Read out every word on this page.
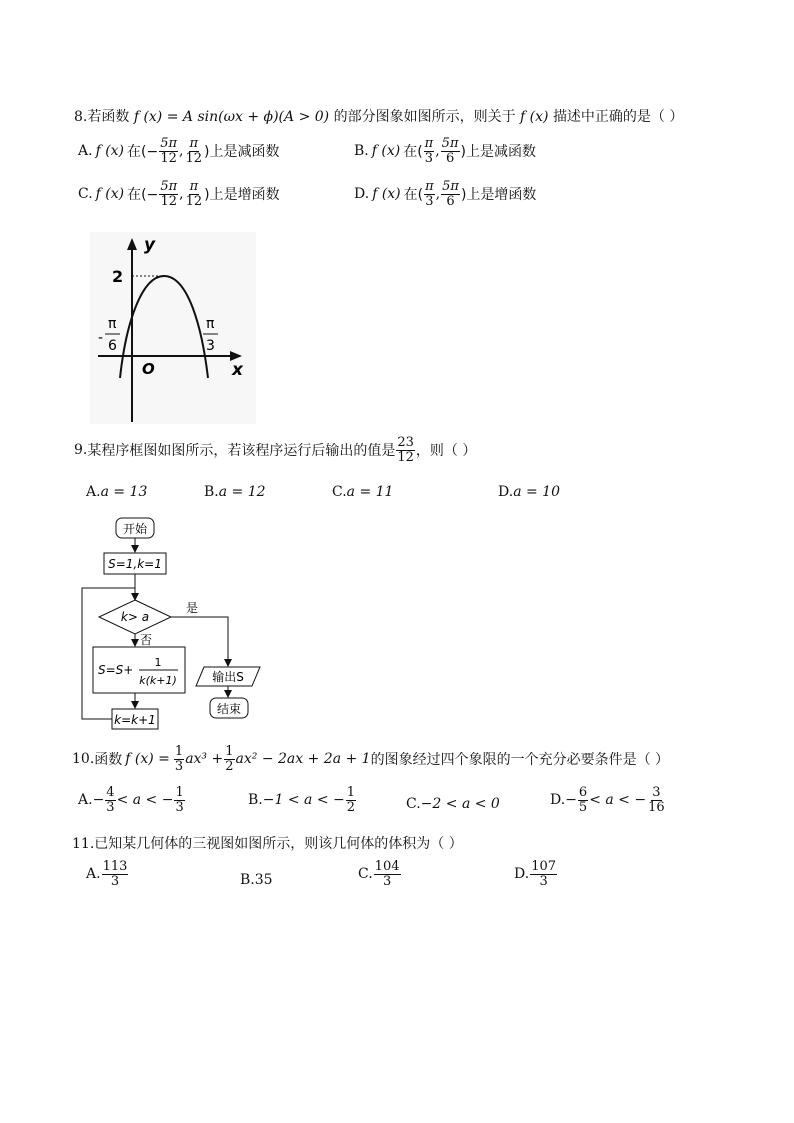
8.若函数 f (x) = A sin(ωx + ϕ)(A > 0) 的部分图象如图所示，则关于 f (x) 描述中正确的是（ ）
A. f (x) 在(− $\frac{5\pi}{12}$ , $\frac{\pi}{12}$ )上是减函数	B. f (x) 在( $\frac{\pi}{3}$ , $\frac{5\pi}{6}$ )上是减函数
C. f (x) 在(− $\frac{5\pi}{12}$ , $\frac{\pi}{12}$ )上是增函数	D. f (x) 在( $\frac{\pi}{3}$ , $\frac{5\pi}{6}$ )上是增函数
y
x
O
2
-
π
6
π
3
9. 某程序框图如图所示，若该程序运行后输出的值是 $\frac{23}{12}$ ，则（ ）
A.a = 13	B.a = 12	C.a = 11	D.a = 10
开始
S=1,k=1
k> a
是
否
S=S+
1
k(k+1)
k=k+1
输出S
结束
10. 函数 f $(x) = \frac{1}{3} ax^3 + \frac{1}{2} ax^2 - 2ax + 2a + 1$ 的图象经过四个象限的一个充分必要条件是（ ）
A. − $\frac{4}{3} < a$ < − $\frac{1}{3}$	B. −1 < a < − $\frac{1}{2}$	C. −2 < a < 0	D. − $\frac{6}{5} < a$ < − $\frac{3}{16}$
11.已知某几何体的三视图如图所示，则该几何体的体积为（ ）
A. $\frac{113}{3}$	B. 35	C. $\frac{104}{3}$	D. $\frac{107}{3}$
